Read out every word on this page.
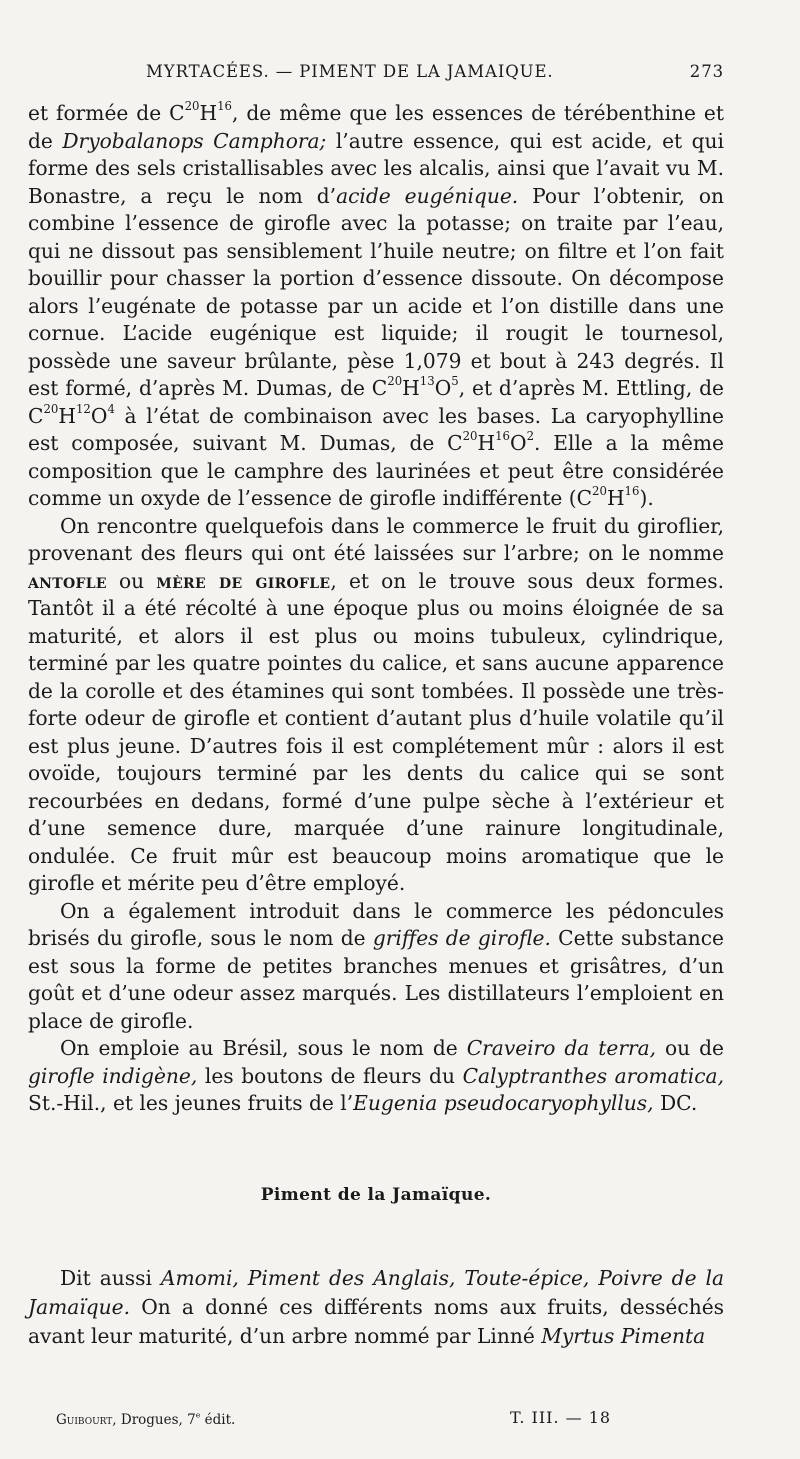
MYRTACÉES. — PIMENT DE LA JAMAIQUE.	273

et formée de $C^{20}H^{16}$, de même que les essences de térébenthine et de Dryobalanops Camphora; l’autre essence, qui est acide, et qui forme des sels cristallisables avec les alcalis, ainsi que l’avait vu M. Bonastre, a reçu le nom d’acide eugénique. Pour l’obtenir, on combine l’essence de girofle avec la potasse; on traite par l’eau, qui ne dissout pas sensiblement l’huile neutre; on filtre et l’on fait bouillir pour chasser la portion d’essence dissoute. On décompose alors l’eugénate de potasse par un acide et l’on distille dans une cornue. L’acide eugénique est liquide; il rougit le tournesol, possède une saveur brûlante, pèse 1,079 et bout à 243 degrés. Il est formé, d’après M. Dumas, de $C^{20}H^{13}O^5$, et d’après M. Ettling, de $C^{20}H^{12}O^4$ à l’état de combinaison avec les bases. La caryophylline est composée, suivant M. Dumas, de $C^{20}H^{16}O^2$. Elle a la même composition que le camphre des laurinées et peut être considérée comme un oxyde de l’essence de girofle indifférente $(C^{20}H^{16})$.

On rencontre quelquefois dans le commerce le fruit du giroflier, provenant des fleurs qui ont été laissées sur l’arbre; on le nomme antofle ou mère de girofle, et on le trouve sous deux formes. Tantôt il a été récolté à une époque plus ou moins éloignée de sa maturité, et alors il est plus ou moins tubuleux, cylindrique, terminé par les quatre pointes du calice, et sans aucune apparence de la corolle et des étamines qui sont tombées. Il possède une très-forte odeur de girofle et contient d’autant plus d’huile volatile qu’il est plus jeune. D’autres fois il est complétement mûr : alors il est ovoïde, toujours terminé par les dents du calice qui se sont recourbées en dedans, formé d’une pulpe sèche à l’extérieur et d’une semence dure, marquée d’une rainure longitudinale, ondulée. Ce fruit mûr est beaucoup moins aromatique que le girofle et mérite peu d’être employé.

On a également introduit dans le commerce les pédoncules brisés du girofle, sous le nom de griffes de girofle. Cette substance est sous la forme de petites branches menues et grisâtres, d’un goût et d’une odeur assez marqués. Les distillateurs l’emploient en place de girofle.

On emploie au Brésil, sous le nom de Craveiro da terra, ou de girofle indigène, les boutons de fleurs du Calyptranthes aromatica, St.-Hil., et les jeunes fruits de l’Eugenia pseudocaryophyllus, DC.

Piment de la Jamaïque.

Dit aussi Amomi, Piment des Anglais, Toute-épice, Poivre de la Jamaïque. On a donné ces différents noms aux fruits, desséchés avant leur maturité, d’un arbre nommé par Linné Myrtus Pimenta

Guibourt, Drogues, 7e édit.	T. III. — 18
